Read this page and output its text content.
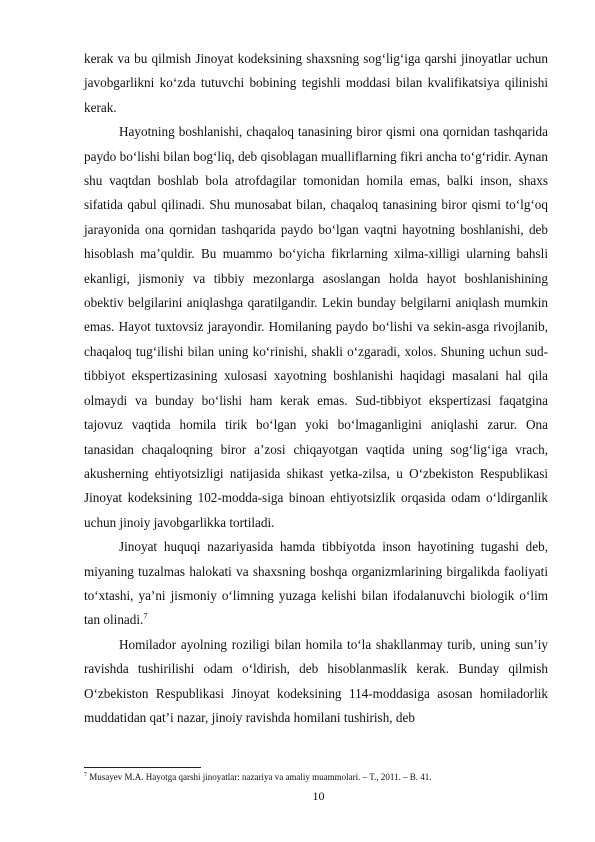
kerak va bu qilmish Jinoyat kodeksining shaxsning sog‘lig‘iga qarshi jinoyatlar uchun javobgarlikni ko‘zda tutuvchi bobining tegishli moddasi bilan kvalifikatsiya qilinishi kerak.

Hayotning boshlanishi, chaqaloq tanasining biror qismi ona qornidan tashqarida paydo bo‘lishi bilan bog‘liq, deb qisoblagan mualliflarning fikri ancha to‘g‘ridir. Aynan shu vaqtdan boshlab bola atrofdagilar tomonidan homila emas, balki inson, shaxs sifatida qabul qilinadi. Shu munosabat bilan, chaqaloq tanasining biror qismi to‘lg‘oq jarayonida ona qornidan tashqarida paydo bo‘lgan vaqtni hayotning boshlanishi, deb hisoblash ma’quldir. Bu muammo bo‘yicha fikrlarning xilma-xilligi ularning bahsli ekanligi, jismoniy va tibbiy mezonlarga asoslangan holda hayot boshlanishining obektiv belgilarini aniqlashga qaratilgandir. Lekin bunday belgilarni aniqlash mumkin emas. Hayot tuxtovsiz jarayondir. Homilaning paydo bo‘lishi va sekin-asga rivojlanib, chaqaloq tug‘ilishi bilan uning ko‘rinishi, shakli o‘zgaradi, xolos. Shuning uchun sud-tibbiyot ekspertizasining xulosasi xayotning boshlanishi haqidagi masalani hal qila olmaydi va bunday bo‘lishi ham kerak emas. Sud-tibbiyot ekspertizasi faqatgina tajovuz vaqtida homila tirik bo‘lgan yoki bo‘lmaganligini aniqlashi zarur. Ona tanasidan chaqaloqning biror a’zosi chiqayotgan vaqtida uning sog‘lig‘iga vrach, akusherning ehtiyotsizligi natijasida shikast yetka-zilsa, u O‘zbekiston Respublikasi Jinoyat kodeksining 102-modda-siga binoan ehtiyotsizlik orqasida odam o‘ldirganlik uchun jinoiy javobgarlikka tortiladi.

Jinoyat huquqi nazariyasida hamda tibbiyotda inson hayotining tugashi deb, miyaning tuzalmas halokati va shaxsning boshqa organizmlarining birgalikda faoliyati to‘xtashi, ya’ni jismoniy o‘limning yuzaga kelishi bilan ifodalanuvchi biologik o‘lim tan olinadi.$^7$

Homilador ayolning roziligi bilan homila to‘la shakllanmay turib, uning sun’iy ravishda tushirilishi odam o‘ldirish, deb hisoblanmaslik kerak. Bunday qilmish O‘zbekiston Respublikasi Jinoyat kodeksining 114-moddasiga asosan homiladorlik muddatidan qat’i nazar, jinoiy ravishda homilani tushirish, deb

$^7$ Musayev M.A. Hayotga qarshi jinoyatlar: nazariya va amaliy muammolari. – T., 2011. – B. 41.
10
